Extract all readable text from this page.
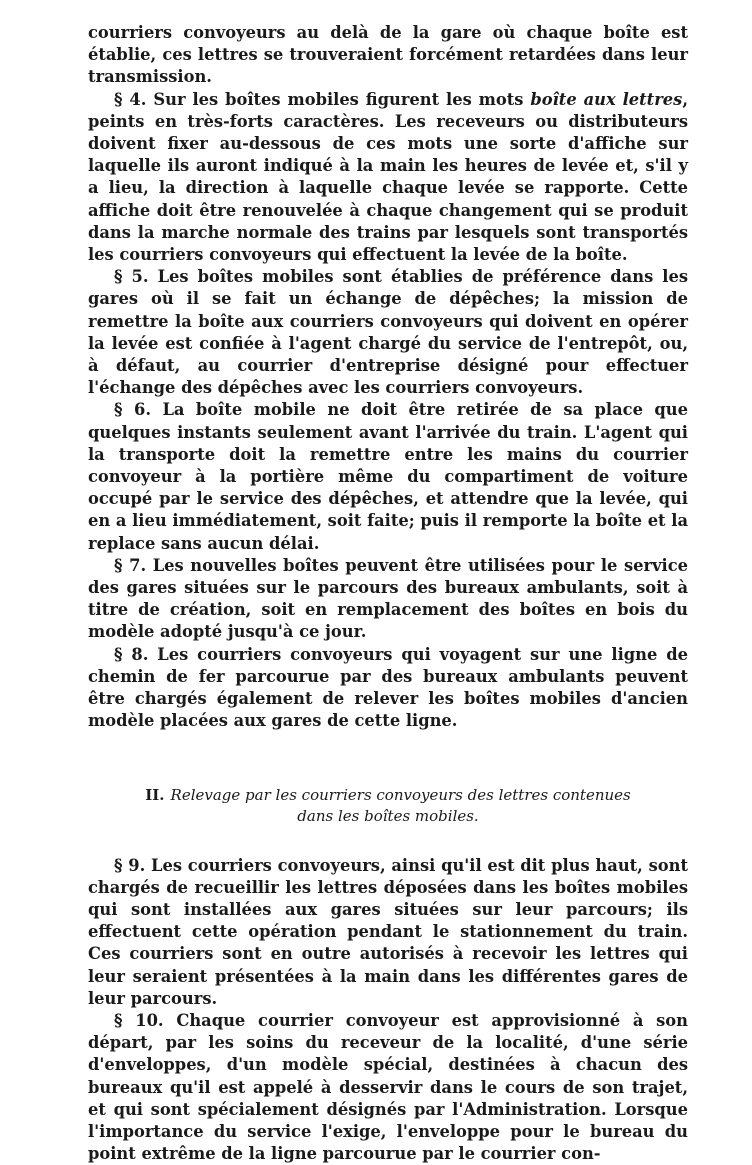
courriers convoyeurs au delà de la gare où chaque boîte est établie, ces lettres se trouveraient forcément retardées dans leur transmission.

§ 4. Sur les boîtes mobiles figurent les mots boîte aux lettres, peints en très-forts caractères. Les receveurs ou distributeurs doivent fixer au-dessous de ces mots une sorte d'affiche sur laquelle ils auront indiqué à la main les heures de levée et, s'il y a lieu, la direction à laquelle chaque levée se rapporte. Cette affiche doit être renouvelée à chaque changement qui se produit dans la marche normale des trains par lesquels sont transportés les courriers convoyeurs qui effectuent la levée de la boîte.

§ 5. Les boîtes mobiles sont établies de préférence dans les gares où il se fait un échange de dépêches; la mission de remettre la boîte aux courriers convoyeurs qui doivent en opérer la levée est confiée à l'agent chargé du service de l'entrepôt, ou, à défaut, au courrier d'entreprise désigné pour effectuer l'échange des dépêches avec les courriers convoyeurs.

§ 6. La boîte mobile ne doit être retirée de sa place que quelques instants seulement avant l'arrivée du train. L'agent qui la transporte doit la remettre entre les mains du courrier convoyeur à la portière même du compartiment de voiture occupé par le service des dépêches, et attendre que la levée, qui en a lieu immédiatement, soit faite; puis il remporte la boîte et la replace sans aucun délai.

§ 7. Les nouvelles boîtes peuvent être utilisées pour le service des gares situées sur le parcours des bureaux ambulants, soit à titre de création, soit en remplacement des boîtes en bois du modèle adopté jusqu'à ce jour.

§ 8. Les courriers convoyeurs qui voyagent sur une ligne de chemin de fer parcourue par des bureaux ambulants peuvent être chargés également de relever les boîtes mobiles d'ancien modèle placées aux gares de cette ligne.

II. Relevage par les courriers convoyeurs des lettres contenues
dans les boîtes mobiles.

§ 9. Les courriers convoyeurs, ainsi qu'il est dit plus haut, sont chargés de recueillir les lettres déposées dans les boîtes mobiles qui sont installées aux gares situées sur leur parcours; ils effectuent cette opération pendant le stationnement du train. Ces courriers sont en outre autorisés à recevoir les lettres qui leur seraient présentées à la main dans les différentes gares de leur parcours.

§ 10. Chaque courrier convoyeur est approvisionné à son départ, par les soins du receveur de la localité, d'une série d'enveloppes, d'un modèle spécial, destinées à chacun des bureaux qu'il est appelé à desservir dans le cours de son trajet, et qui sont spécialement désignés par l'Administration. Lorsque l'importance du service l'exige, l'enveloppe pour le bureau du point extrême de la ligne parcourue par le courrier con-
